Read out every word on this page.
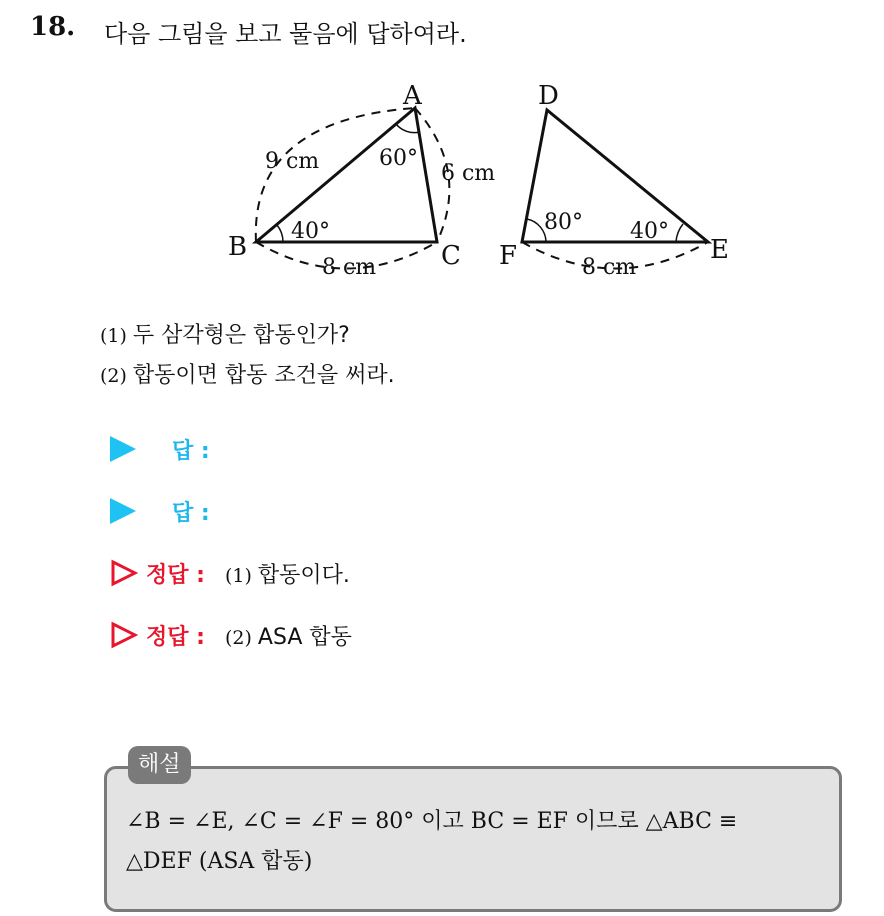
18. 다음 그림을 보고 물음에 답하여라.
A
B	C
9 cm	6 cm
8 cm
60°
40°
D
E
F	8 cm
80° 40°
(1) 두 삼각형은 합동인가?
(2) 합동이면 합동 조건을 써라.
답 :
답 :
정답 : (1) 합동이다.
정답 : (2) ASA 합동
해설
∠B = ∠E, ∠C = ∠F = 80° 이고 BC = EF 이므로 △ABC ≡
△DEF (ASA 합동)
